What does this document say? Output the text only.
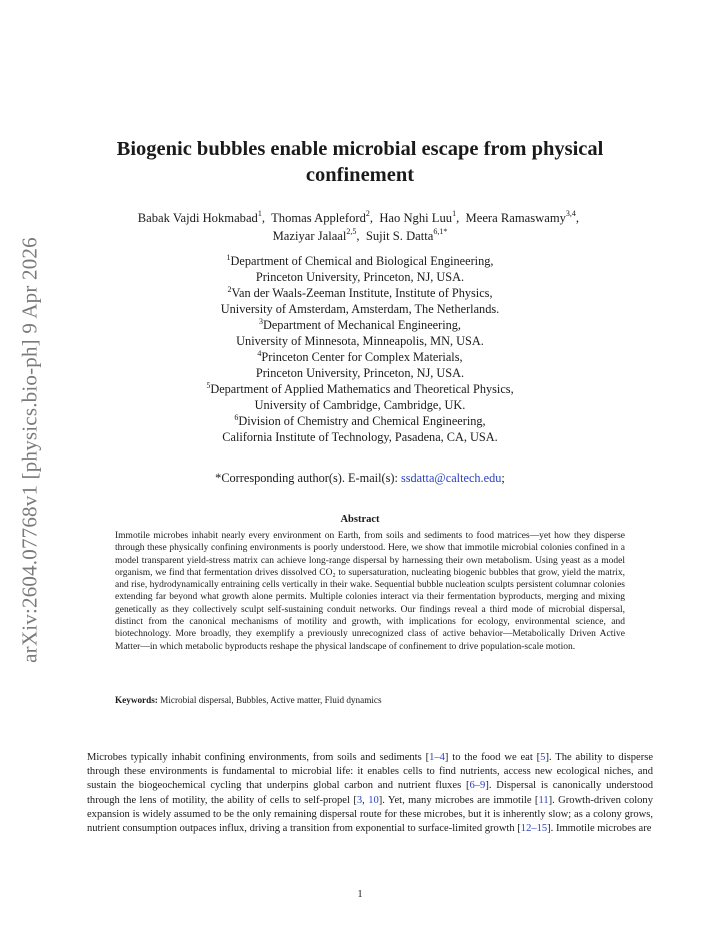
arXiv:2604.07768v1 [physics.bio-ph] 9 Apr 2026
Biogenic bubbles enable microbial escape from physical confinement
Babak Vajdi Hokmabad$^1$,  Thomas Appleford$^2$,  Hao Nghi Luu$^1$,  Meera Ramaswamy$^{3,4}$,
Maziyar Jalaal$^{2,5}$,  Sujit S. Datta$^{6,1*}$
$^1$Department of Chemical and Biological Engineering,
Princeton University, Princeton, NJ, USA.
$^2$Van der Waals-Zeeman Institute, Institute of Physics,
University of Amsterdam, Amsterdam, The Netherlands.
$^3$Department of Mechanical Engineering,
University of Minnesota, Minneapolis, MN, USA.
$^4$Princeton Center for Complex Materials,
Princeton University, Princeton, NJ, USA.
$^5$Department of Applied Mathematics and Theoretical Physics,
University of Cambridge, Cambridge, UK.
$^6$Division of Chemistry and Chemical Engineering,
California Institute of Technology, Pasadena, CA, USA.
*Corresponding author(s). E-mail(s): ssdatta@caltech.edu;
Abstract
Immotile microbes inhabit nearly every environment on Earth, from soils and sediments to food matrices—yet how they disperse through these physically confining environments is poorly understood. Here, we show that immotile microbial colonies confined in a model transparent yield-stress matrix can achieve long-range dispersal by harnessing their own metabolism. Using yeast as a model organism, we find that fermentation drives dissolved CO₂ to supersaturation, nucleating biogenic bubbles that grow, yield the matrix, and rise, hydrodynamically entraining cells vertically in their wake. Sequential bubble nucleation sculpts persistent columnar colonies extending far beyond what growth alone permits. Multiple colonies interact via their fermentation byproducts, merging and mixing genetically as they collectively sculpt self-sustaining conduit networks. Our findings reveal a third mode of microbial dispersal, distinct from the canonical mechanisms of motility and growth, with implications for ecology, environmental science, and biotechnology. More broadly, they exemplify a previously unrecognized class of active behavior—Metabolically Driven Active Matter—in which metabolic byproducts reshape the physical landscape of confinement to drive population-scale motion.
Keywords: Microbial dispersal, Bubbles, Active matter, Fluid dynamics
Microbes typically inhabit confining environments, from soils and sediments [1–4] to the food we eat [5]. The ability to disperse through these environments is fundamental to microbial life: it enables cells to find nutrients, access new ecological niches, and sustain the biogeochemical cycling that underpins global carbon and nutrient fluxes [6–9]. Dispersal is canonically understood through the lens of motility, the ability of cells to self-propel [3, 10]. Yet, many microbes are immotile [11]. Growth-driven colony expansion is widely assumed to be the only remaining dispersal route for these microbes, but it is inherently slow; as a colony grows, nutrient consumption outpaces influx, driving a transition from exponential to surface-limited growth [12–15]. Immotile microbes are
1
